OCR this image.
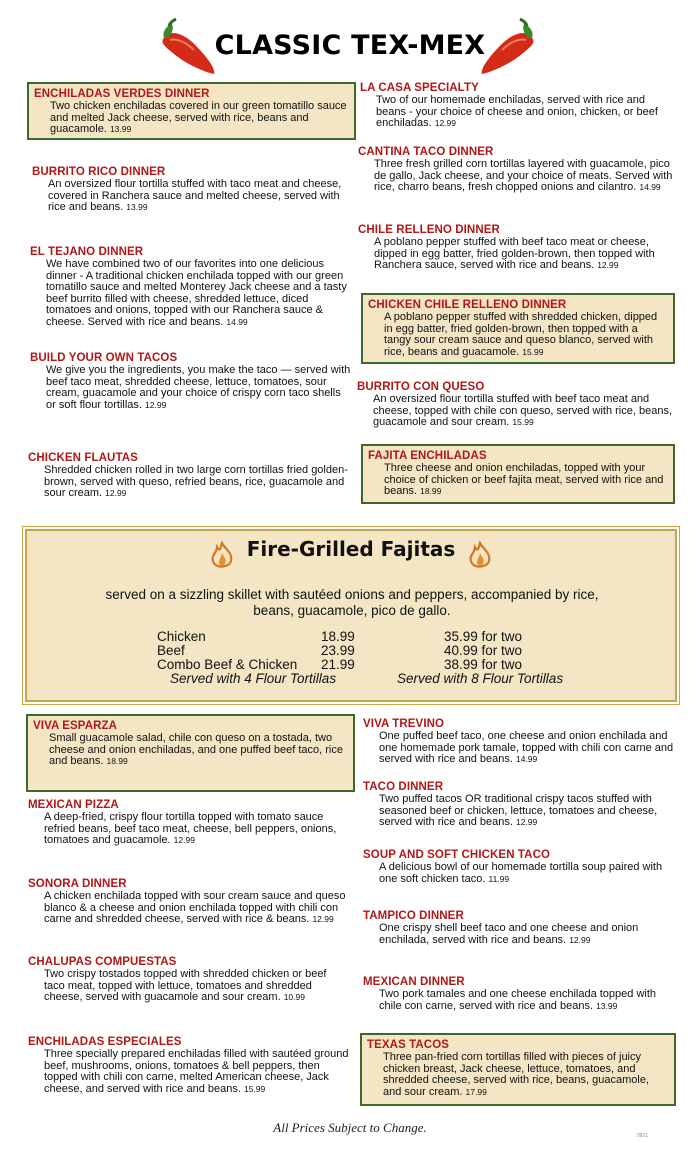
CLASSIC TEX-MEX
ENCHILADAS VERDES DINNER
Two chicken enchiladas covered in our green tomatillo sauce and melted Jack cheese, served with rice, beans and guacamole. 13.99
BURRITO RICO DINNER
An oversized flour tortilla stuffed with taco meat and cheese, covered in Ranchera sauce and melted cheese, served with rice and beans. 13.99
EL TEJANO DINNER
We have combined two of our favorites into one delicious dinner - A traditional chicken enchilada topped with our green tomatillo sauce and melted Monterey Jack cheese and a tasty beef burrito filled with cheese, shredded lettuce, diced tomatoes and onions, topped with our Ranchera sauce & cheese. Served with rice and beans. 14.99
BUILD YOUR OWN TACOS
We give you the ingredients, you make the taco — served with beef taco meat, shredded cheese, lettuce, tomatoes, sour cream, guacamole and your choice of crispy corn taco shells or soft flour tortillas. 12.99
CHICKEN FLAUTAS
Shredded chicken rolled in two large corn tortillas fried golden-brown, served with queso, refried beans, rice, guacamole and sour cream. 12.99
LA CASA SPECIALTY
Two of our homemade enchiladas, served with rice and beans - your choice of cheese and onion, chicken, or beef enchiladas. 12.99
CANTINA TACO DINNER
Three fresh grilled corn tortillas layered with guacamole, pico de gallo, Jack cheese, and your choice of meats. Served with rice, charro beans, fresh chopped onions and cilantro. 14.99
CHILE RELLENO DINNER
A poblano pepper stuffed with beef taco meat or cheese, dipped in egg batter, fried golden-brown, then topped with Ranchera sauce, served with rice and beans. 12.99
CHICKEN CHILE RELLENO DINNER
A poblano pepper stuffed with shredded chicken, dipped in egg batter, fried golden-brown, then topped with a tangy sour cream sauce and queso blanco, served with rice, beans and guacamole. 15.99
BURRITO CON QUESO
An oversized flour tortilla stuffed with beef taco meat and cheese, topped with chile con queso, served with rice, beans, guacamole and sour cream. 15.99
FAJITA ENCHILADAS
Three cheese and onion enchiladas, topped with your choice of chicken or beef fajita meat, served with rice and beans. 18.99
Fire-Grilled Fajitas
served on a sizzling skillet with sautéed onions and peppers, accompanied by rice, beans, guacamole, pico de gallo.
Chicken
Beef
Combo Beef & Chicken
18.99
23.99
21.99
35.99 for two
40.99 for two
38.99 for two
Served with 4 Flour Tortillas	Served with 8 Flour Tortillas
VIVA ESPARZA
Small guacamole salad, chile con queso on a tostada, two cheese and onion enchiladas, and one puffed beef taco, rice and beans. 18.99
MEXICAN PIZZA
A deep-fried, crispy flour tortilla topped with tomato sauce refried beans, beef taco meat, cheese, bell peppers, onions, tomatoes and guacamole. 12.99
SONORA DINNER
A chicken enchilada topped with sour cream sauce and queso blanco & a cheese and onion enchilada topped with chili con carne and shredded cheese, served with rice & beans. 12.99
CHALUPAS COMPUESTAS
Two crispy tostados topped with shredded chicken or beef taco meat, topped with lettuce, tomatoes and shredded cheese, served with guacamole and sour cream. 10.99
ENCHILADAS ESPECIALES
Three specially prepared enchiladas filled with sautéed ground beef, mushrooms, onions, tomatoes & bell peppers, then topped with chili con carne, melted American cheese, Jack cheese, and served with rice and beans. 15.99
VIVA TREVINO
One puffed beef taco, one cheese and onion enchilada and one homemade pork tamale, topped with chili con carne and served with rice and beans. 14.99
TACO DINNER
Two puffed tacos OR traditional crispy tacos stuffed with seasoned beef or chicken, lettuce, tomatoes and cheese, served with rice and beans. 12.99
SOUP AND SOFT CHICKEN TACO
A delicious bowl of our homemade tortilla soup paired with one soft chicken taco. 11.99
TAMPICO DINNER
One crispy shell beef taco and one cheese and onion enchilada, served with rice and beans. 12.99
MEXICAN DINNER
Two pork tamales and one cheese enchilada topped with chile con carne, served with rice and beans. 13.99
TEXAS TACOS
Three pan-fried corn tortillas filled with pieces of juicy chicken breast, Jack cheese, lettuce, tomatoes, and shredded cheese, served with rice, beans, guacamole, and sour cream. 17.99
All Prices Subject to Change.
0821
